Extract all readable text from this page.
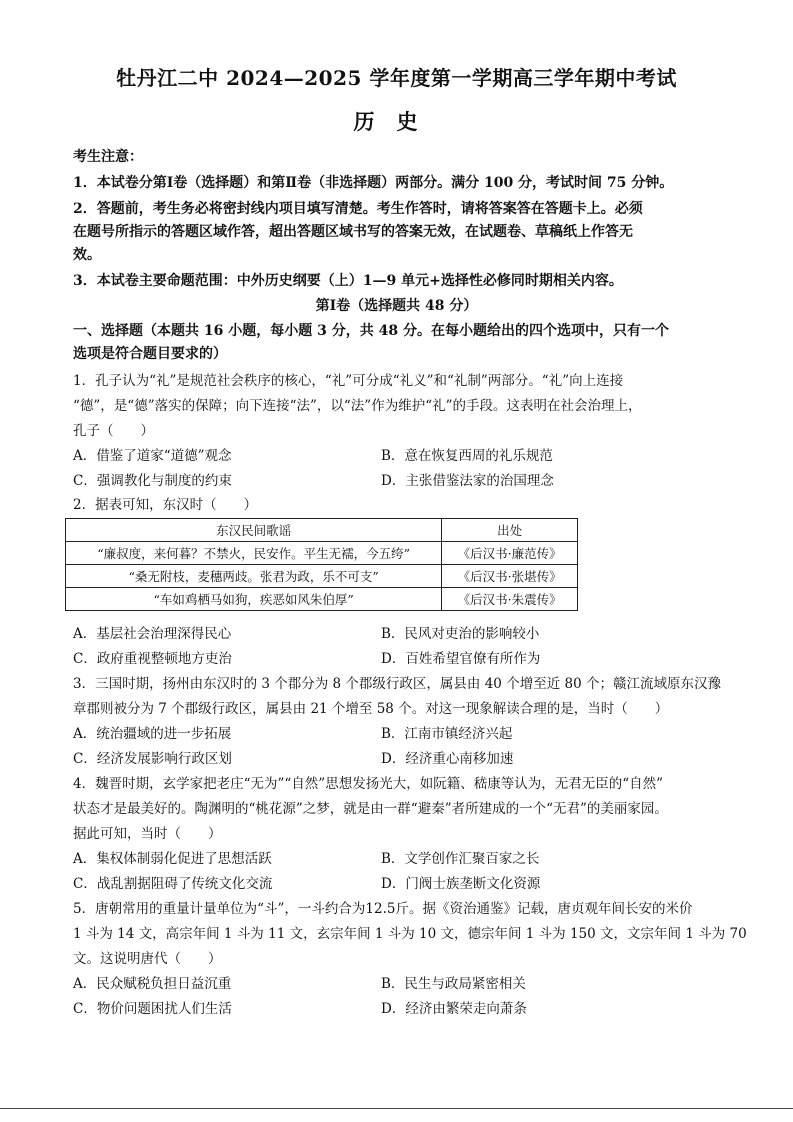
牡丹江二中 2024—2025 学年度第一学期高三学年期中考试
历史
考生注意：
1．本试卷分第Ⅰ卷（选择题）和第Ⅱ卷（非选择题）两部分。满分 100 分，考试时间 75 分钟。
2．答题前，考生务必将密封线内项目填写清楚。考生作答时，请将答案答在答题卡上。必须
在题号所指示的答题区域作答，超出答题区域书写的答案无效，在试题卷、草稿纸上作答无
效。
3．本试卷主要命题范围：中外历史纲要（上）1—9 单元+选择性必修同时期相关内容。
第Ⅰ卷（选择题共 48 分）
一、选择题（本题共 16 小题，每小题 3 分，共 48 分。在每小题给出的四个选项中，只有一个
选项是符合题目要求的）
1．孔子认为“礼”是规范社会秩序的核心，“礼”可分成“礼义”和“礼制”两部分。“礼”向上连接
“德”，是“德”落实的保障；向下连接“法”，以“法”作为维护“礼”的手段。这表明在社会治理上，
孔子（　　）
A．借鉴了道家“道德”观念	B．意在恢复西周的礼乐规范
C．强调教化与制度的约束	D．主张借鉴法家的治国理念
2．据表可知，东汉时（　　）
东汉民间歌谣	出处
“廉叔度，来何暮？不禁火，民安作。平生无襦，今五绔”	《后汉书·廉范传》
“桑无附枝，麦穗两歧。张君为政，乐不可支”	《后汉书·张堪传》
“车如鸡栖马如狗，疾恶如风朱伯厚”	《后汉书·朱震传》
A．基层社会治理深得民心	B．民风对吏治的影响较小
C．政府重视整顿地方吏治	D．百姓希望官僚有所作为
3．三国时期，扬州由东汉时的 3 个郡分为 8 个郡级行政区，属县由 40 个增至近 80 个；赣江流域原东汉豫
章郡则被分为 7 个郡级行政区，属县由 21 个增至 58 个。对这一现象解读合理的是，当时（　　）
A．统治疆域的进一步拓展	B．江南市镇经济兴起
C．经济发展影响行政区划	D．经济重心南移加速
4．魏晋时期，玄学家把老庄“无为”“自然”思想发扬光大，如阮籍、嵇康等认为，无君无臣的“自然”
状态才是最美好的。陶渊明的“桃花源”之梦，就是由一群“避秦”者所建成的一个“无君”的美丽家园。
据此可知，当时（　　）
A．集权体制弱化促进了思想活跃	B．文学创作汇聚百家之长
C．战乱割据阻碍了传统文化交流	D．门阀士族垄断文化资源
5．唐朝常用的重量计量单位为“斗”，一斗约合为12.5斤。据《资治通鉴》记载，唐贞观年间长安的米价
1 斗为 14 文，高宗年间 1 斗为 11 文，玄宗年间 1 斗为 10 文，德宗年间 1 斗为 150 文，文宗年间 1 斗为 70
文。这说明唐代（　　）
A．民众赋税负担日益沉重	B．民生与政局紧密相关
C．物价问题困扰人们生活	D．经济由繁荣走向萧条
